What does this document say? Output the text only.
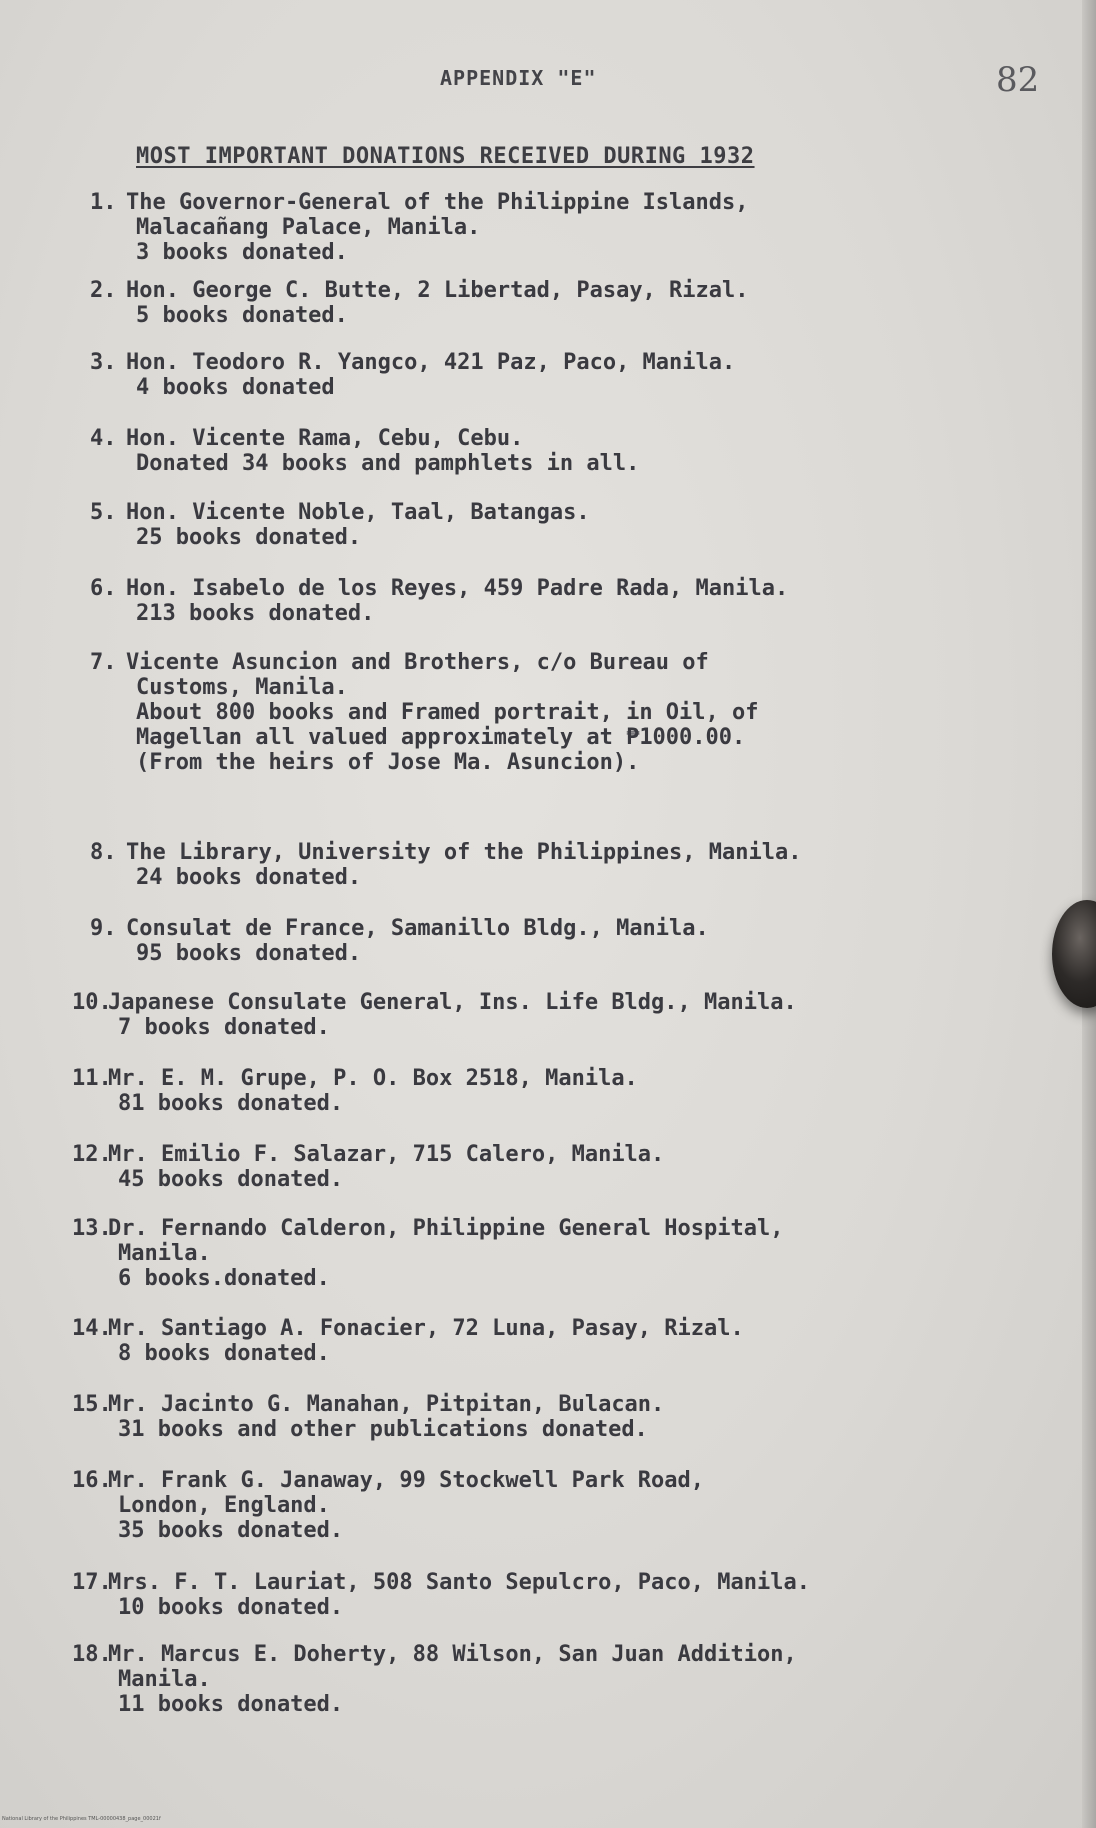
APPENDIX "E"	82
MOST IMPORTANT DONATIONS RECEIVED DURING 1932
1. The Governor-General of the Philippine Islands,
Malacañang Palace, Manila.
3 books donated.
2. Hon. George C. Butte, 2 Libertad, Pasay, Rizal.
5 books donated.
3. Hon. Teodoro R. Yangco, 421 Paz, Paco, Manila.
4 books donated
4. Hon. Vicente Rama, Cebu, Cebu.
Donated 34 books and pamphlets in all.
5. Hon. Vicente Noble, Taal, Batangas.
25 books donated.
6. Hon. Isabelo de los Reyes, 459 Padre Rada, Manila.
213 books donated.
7. Vicente Asuncion and Brothers, c/o Bureau of
Customs, Manila.
About 800 books and Framed portrait, in Oil, of
Magellan all valued approximately at ₱1000.00.
(From the heirs of Jose Ma. Asuncion).
8. The Library, University of the Philippines, Manila.
24 books donated.
9. Consulat de France, Samanillo Bldg., Manila.
95 books donated.
10.Japanese Consulate General, Ins. Life Bldg., Manila.
7 books donated.
11.Mr. E. M. Grupe, P. O. Box 2518, Manila.
81 books donated.
12.Mr. Emilio F. Salazar, 715 Calero, Manila.
45 books donated.
13.Dr. Fernando Calderon, Philippine General Hospital,
Manila.
6 books.donated.
14.Mr. Santiago A. Fonacier, 72 Luna, Pasay, Rizal.
8 books donated.
15.Mr. Jacinto G. Manahan, Pitpitan, Bulacan.
31 books and other publications donated.
16.Mr. Frank G. Janaway, 99 Stockwell Park Road,
London, England.
35 books donated.
17.Mrs. F. T. Lauriat, 508 Santo Sepulcro, Paco, Manila.
10 books donated.
18.Mr. Marcus E. Doherty, 88 Wilson, San Juan Addition,
Manila.
11 books donated.
National Library of the Philippines TML-00000438_page_00021f
